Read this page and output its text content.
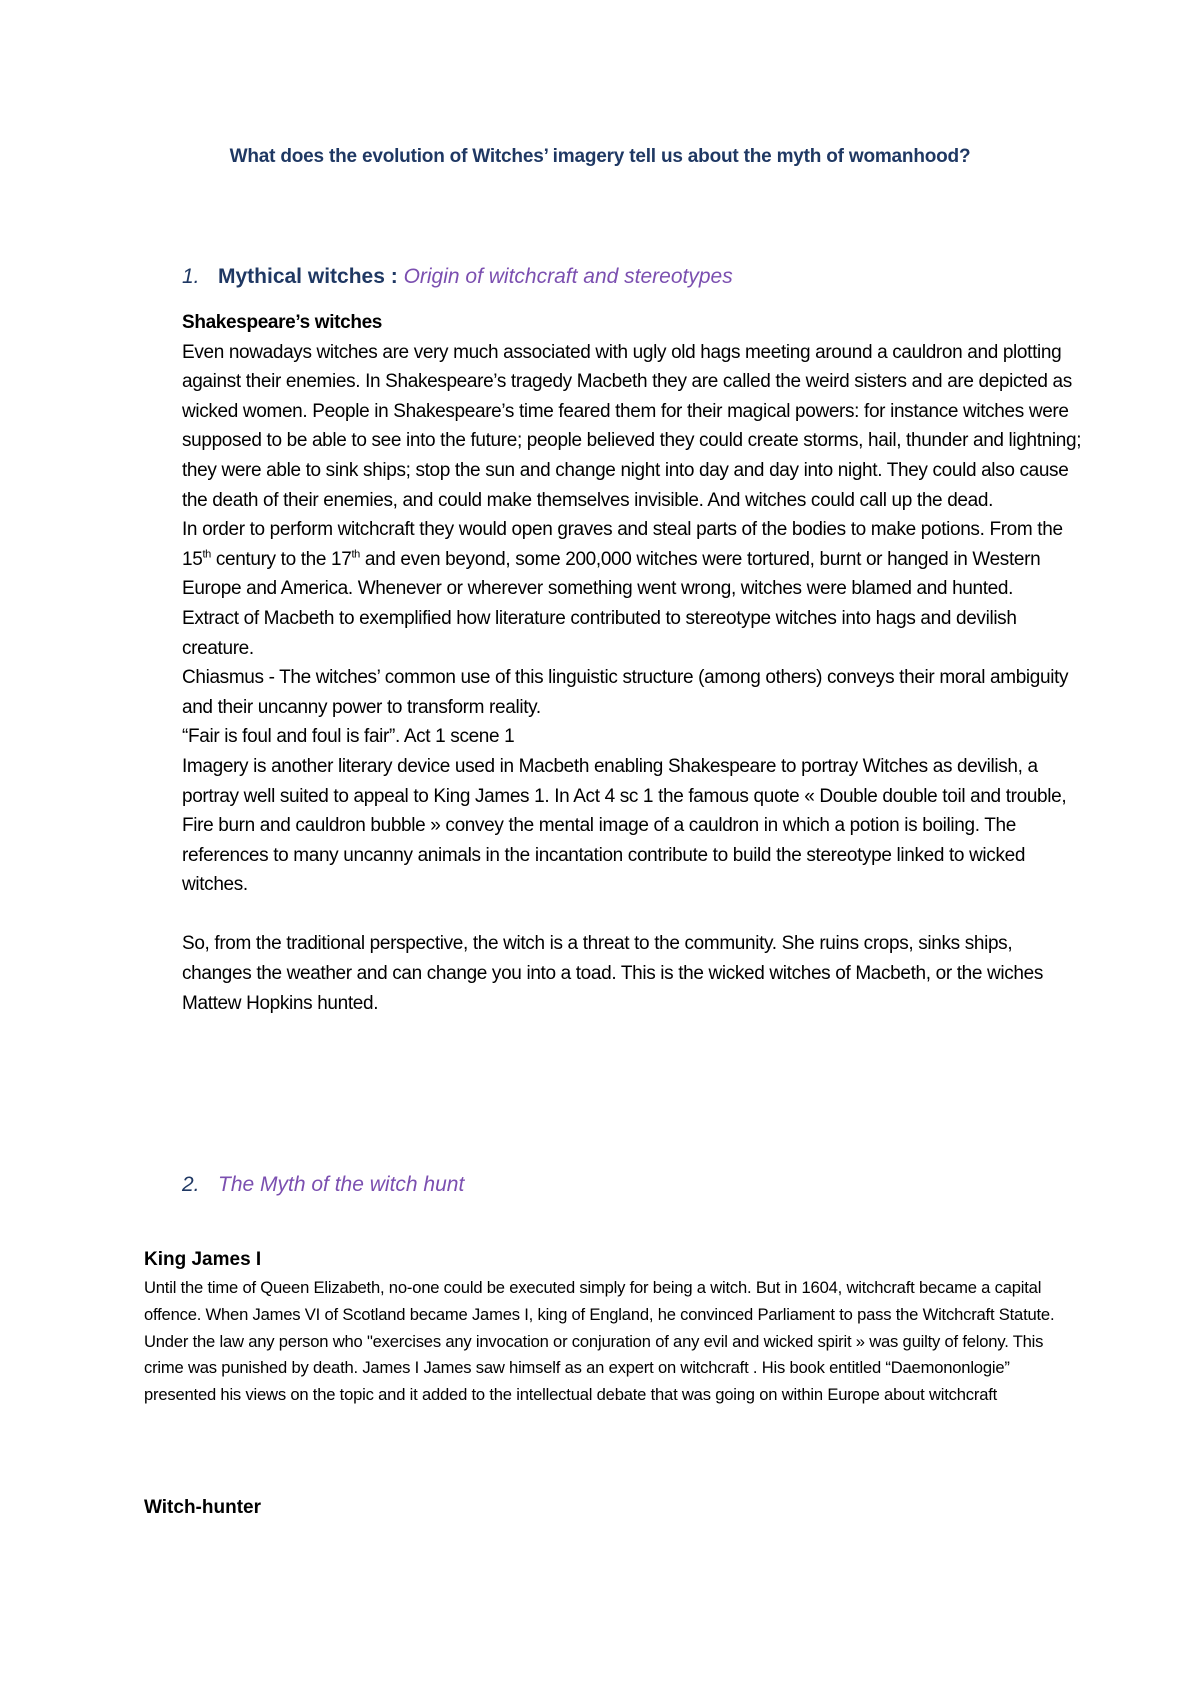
What does the evolution of Witches’ imagery tell us about the myth of womanhood?
1. Mythical witches : Origin of witchcraft and stereotypes

Shakespeare’s witches

Even nowadays witches are very much associated with ugly old hags meeting around a cauldron and plotting against their enemies. In Shakespeare’s tragedy Macbeth they are called the weird sisters and are depicted as wicked women. People in Shakespeare’s time feared them for their magical powers: for instance witches were supposed to be able to see into the future; people believed they could create storms, hail, thunder and lightning; they were able to sink ships; stop the sun and change night into day and day into night. They could also cause the death of their enemies, and could make themselves invisible. And witches could call up the dead.

In order to perform witchcraft they would open graves and steal parts of the bodies to make potions. From the 15th century to the 17th and even beyond, some 200,000 witches were tortured, burnt or hanged in Western Europe and America. Whenever or wherever something went wrong, witches were blamed and hunted.

Extract of Macbeth to exemplified how literature contributed to stereotype witches into hags and devilish creature.

Chiasmus - The witches’ common use of this linguistic structure (among others) conveys their moral ambiguity and their uncanny power to transform reality.

“Fair is foul and foul is fair”. Act 1 scene 1

Imagery is another literary device used in Macbeth enabling Shakespeare to portray Witches as devilish, a portray well suited to appeal to King James 1. In Act 4 sc 1 the famous quote « Double double toil and trouble, Fire burn and cauldron bubble » convey the mental image of a cauldron in which a potion is boiling. The references to many uncanny animals in the incantation contribute to build the stereotype linked to wicked witches.

So, from the traditional perspective, the witch is a threat to the community. She ruins crops, sinks ships, changes the weather and can change you into a toad. This is the wicked witches of Macbeth, or the wiches Mattew Hopkins hunted.

2. The Myth of the witch hunt

King James I

Until the time of Queen Elizabeth, no-one could be executed simply for being a witch. But in 1604, witchcraft became a capital offence. When James VI of Scotland became James I, king of England, he convinced Parliament to pass the Witchcraft Statute. Under the law any person who "exercises any invocation or conjuration of any evil and wicked spirit » was guilty of felony. This crime was punished by death. James I James saw himself as an expert on witchcraft . His book entitled “Daemononlogie” presented his views on the topic and it added to the intellectual debate that was going on within Europe about witchcraft

Witch-hunter
